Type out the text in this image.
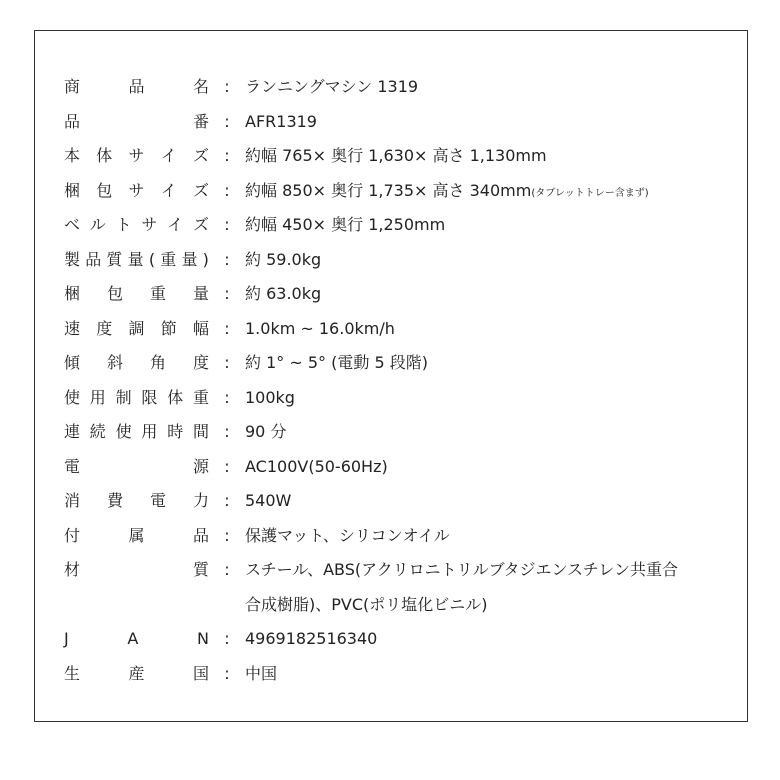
商	品	名 : ランニングマシン 1319
品	番 : AFR1319
本 体 サ イ ズ : 約幅 765× 奥行 1,630× 高さ 1,130mm
梱 包 サ イ ズ : 約幅 850× 奥行 1,735× 高さ 340mm(タブレットトレー含まず)
ベ ル ト サ イ ズ : 約幅 450× 奥行 1,250mm
製 品 質 量 ( 重 量 ) : 約 59.0kg
梱 包 重 量 : 約 63.0kg
速 度 調 節 幅 : 1.0km ~ 16.0km/h
傾 斜 角 度 : 約 1° ~ 5° (電動 5 段階)
使 用 制 限 体 重 : 100kg
連 続 使 用 時 間 : 90 分
電	源 : AC100V(50-60Hz)
消 費 電 力 : 540W
付	属	品 : 保護マット、シリコンオイル
材	質 : スチール、ABS(アクリロニトリルブタジエンスチレン共重合
合成樹脂)、PVC(ポリ塩化ビニル)
J	A	N : 4969182516340
生	産	国 : 中国
